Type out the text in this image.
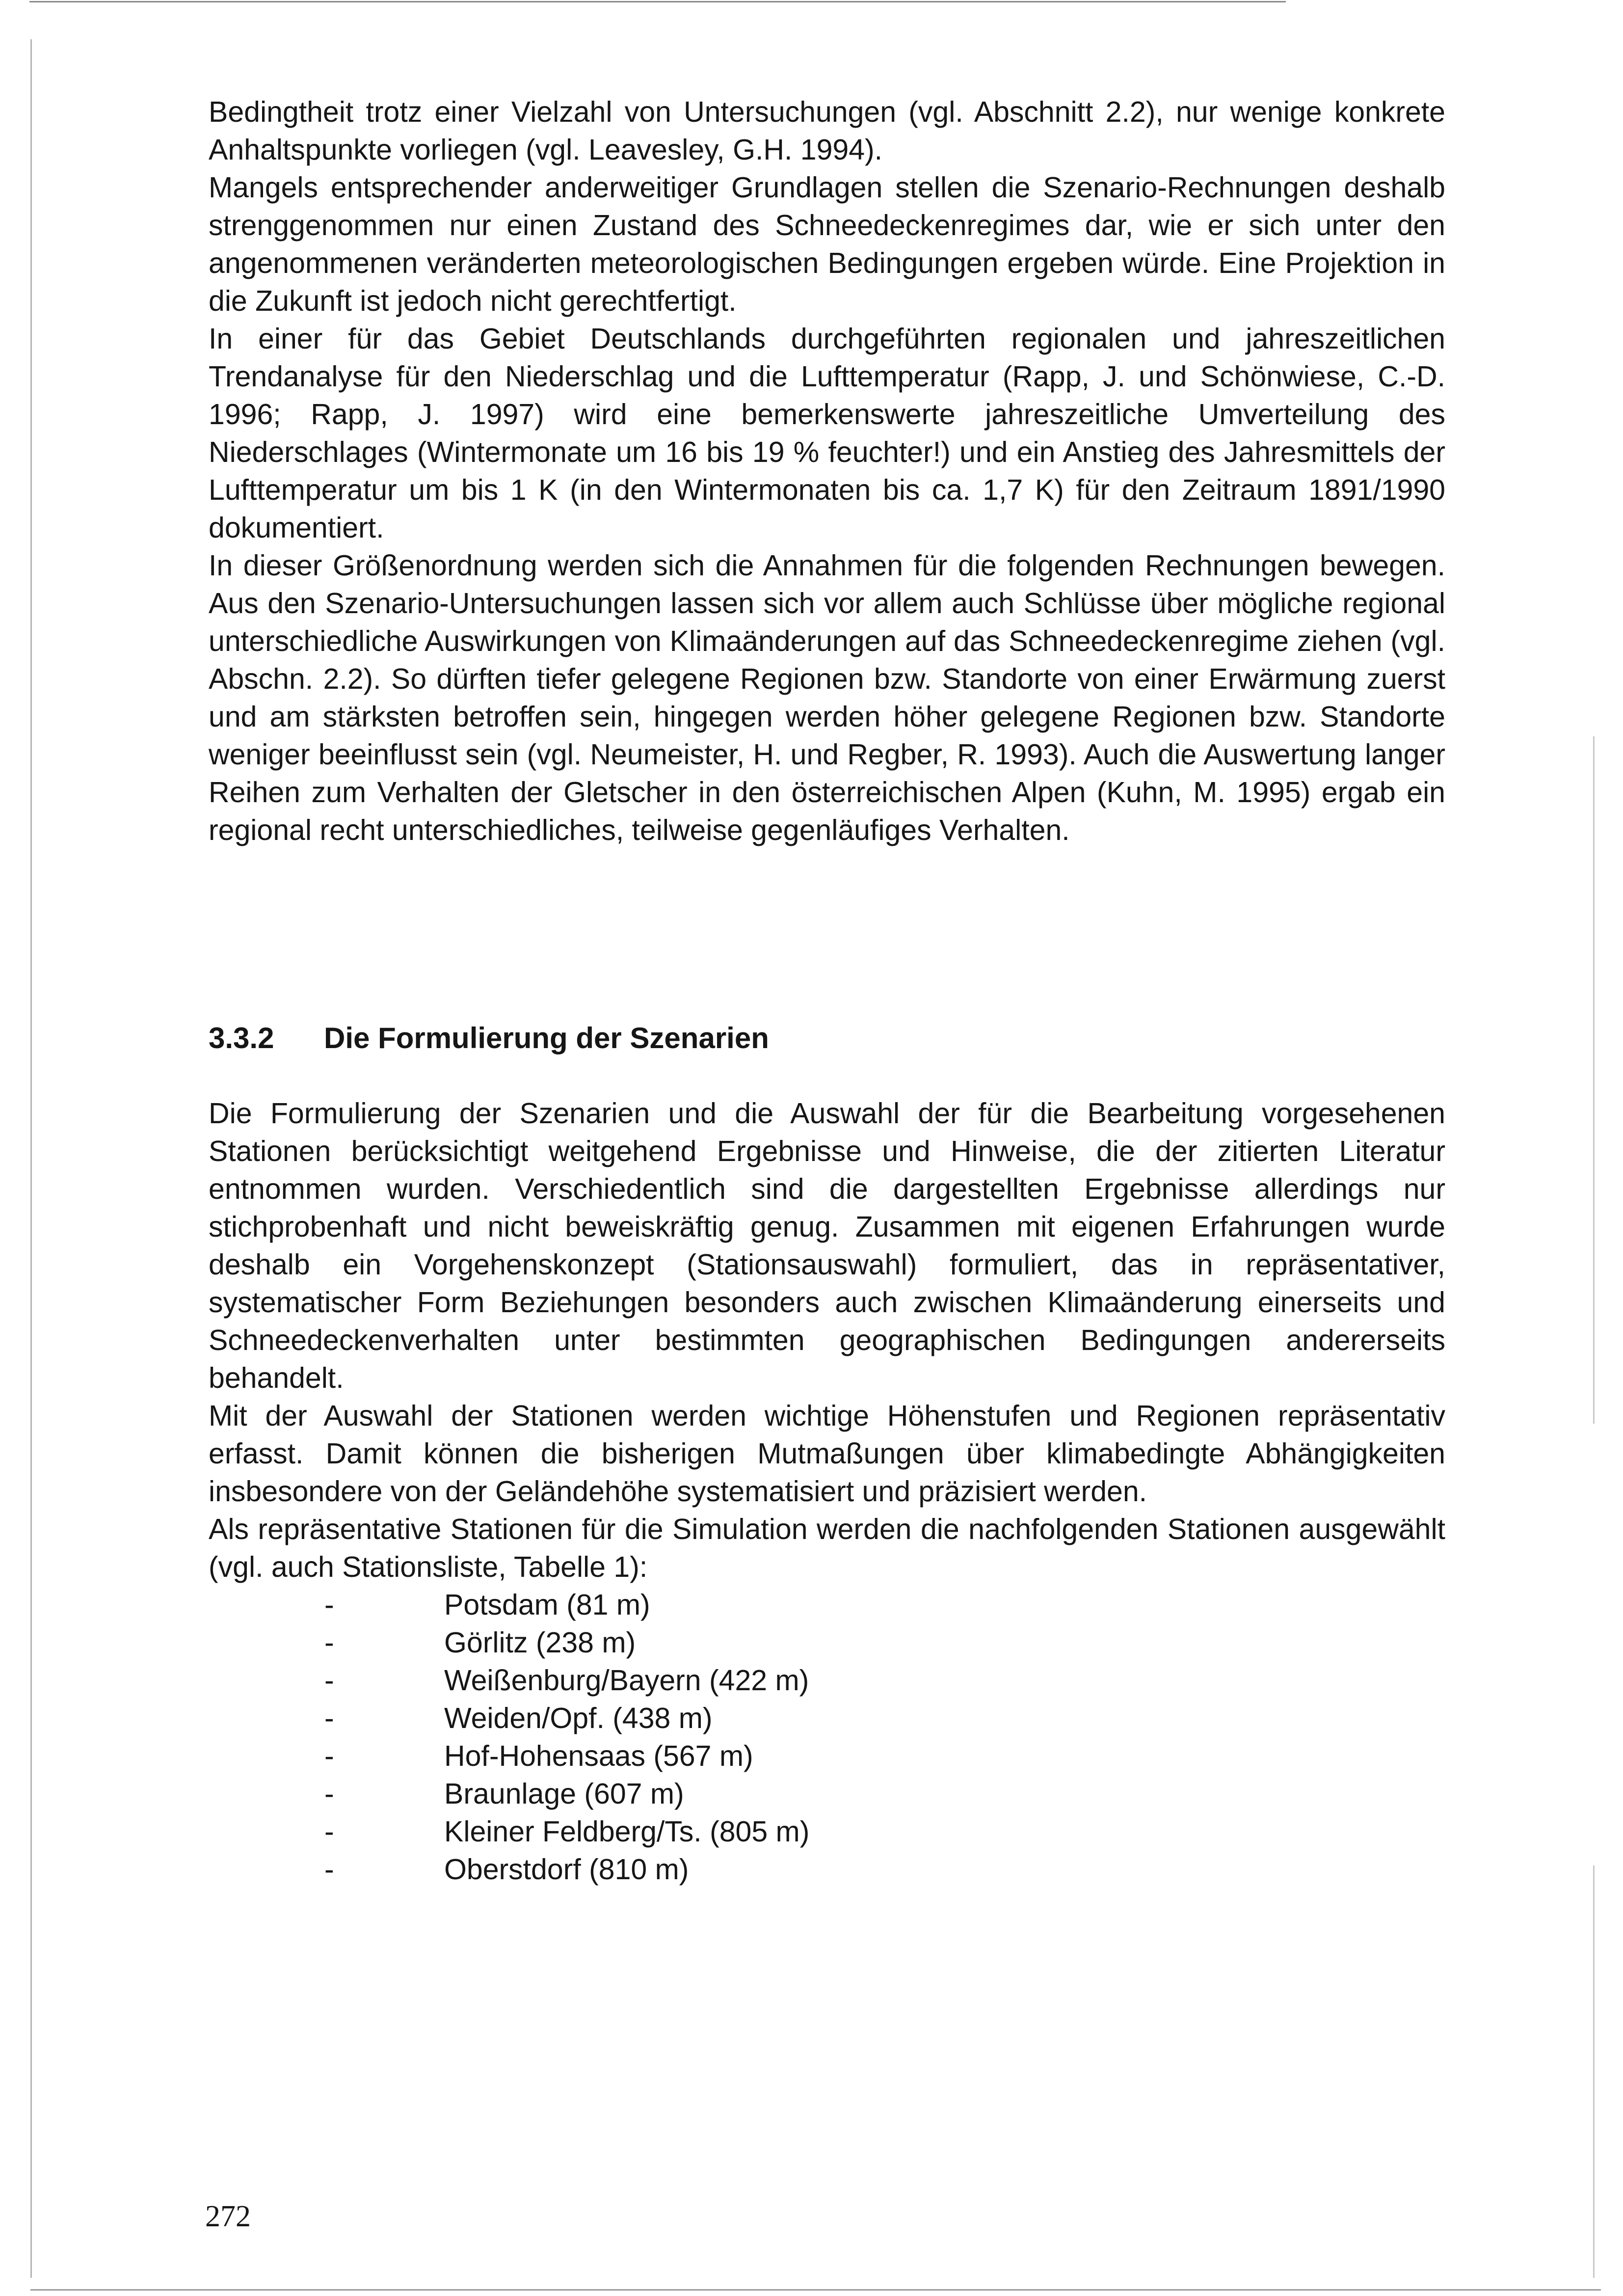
Bedingtheit trotz einer Vielzahl von Untersuchungen (vgl. Abschnitt 2.2), nur wenige konkrete Anhaltspunkte vorliegen (vgl. Leavesley, G.H. 1994).

Mangels entsprechender anderweitiger Grundlagen stellen die Szenario-Rechnungen deshalb strenggenommen nur einen Zustand des Schneedeckenregimes dar, wie er sich unter den angenommenen veränderten meteorologischen Bedingungen ergeben würde. Eine Projektion in die Zukunft ist jedoch nicht gerechtfertigt.

In einer für das Gebiet Deutschlands durchgeführten regionalen und jahreszeitlichen Trendanalyse für den Niederschlag und die Lufttemperatur (Rapp, J. und Schönwiese, C.-D. 1996; Rapp, J. 1997) wird eine bemerkenswerte jahreszeitliche Umverteilung des Niederschlages (Wintermonate um 16 bis 19 % feuchter!) und ein Anstieg des Jahresmittels der Lufttemperatur um bis 1 K (in den Wintermonaten bis ca. 1,7 K) für den Zeitraum 1891/1990 dokumentiert.

In dieser Größenordnung werden sich die Annahmen für die folgenden Rechnungen bewegen. Aus den Szenario-Untersuchungen lassen sich vor allem auch Schlüsse über mögliche regional unterschiedliche Auswirkungen von Klimaänderungen auf das Schneedeckenregime ziehen (vgl. Abschn. 2.2). So dürften tiefer gelegene Regionen bzw. Standorte von einer Erwärmung zuerst und am stärksten betroffen sein, hingegen werden höher gelegene Regionen bzw. Standorte weniger beeinflusst sein (vgl. Neumeister, H. und Regber, R. 1993). Auch die Auswertung langer Reihen zum Verhalten der Gletscher in den österreichischen Alpen (Kuhn, M. 1995) ergab ein regional recht unterschiedliches, teilweise gegenläufiges Verhalten.

3.3.2 Die Formulierung der Szenarien

Die Formulierung der Szenarien und die Auswahl der für die Bearbeitung vorgesehenen Stationen berücksichtigt weitgehend Ergebnisse und Hinweise, die der zitierten Literatur entnommen wurden. Verschiedentlich sind die dargestellten Ergebnisse allerdings nur stichprobenhaft und nicht beweiskräftig genug. Zusammen mit eigenen Erfahrungen wurde deshalb ein Vorgehenskonzept (Stationsauswahl) formuliert, das in repräsentativer, systematischer Form Beziehungen besonders auch zwischen Klimaänderung einerseits und Schneedeckenverhalten unter bestimmten geographischen Bedingungen andererseits behandelt.

Mit der Auswahl der Stationen werden wichtige Höhenstufen und Regionen repräsentativ erfasst. Damit können die bisherigen Mutmaßungen über klimabedingte Abhängigkeiten insbesondere von der Geländehöhe systematisiert und präzisiert werden.

Als repräsentative Stationen für die Simulation werden die nachfolgenden Stationen ausgewählt (vgl. auch Stationsliste, Tabelle 1):

-	Potsdam (81 m)
-	Görlitz (238 m)
-	Weißenburg/Bayern (422 m)
-	Weiden/Opf. (438 m)
-	Hof-Hohensaas (567 m)
-	Braunlage (607 m)
-	Kleiner Feldberg/Ts. (805 m)
-	Oberstdorf (810 m)
272
